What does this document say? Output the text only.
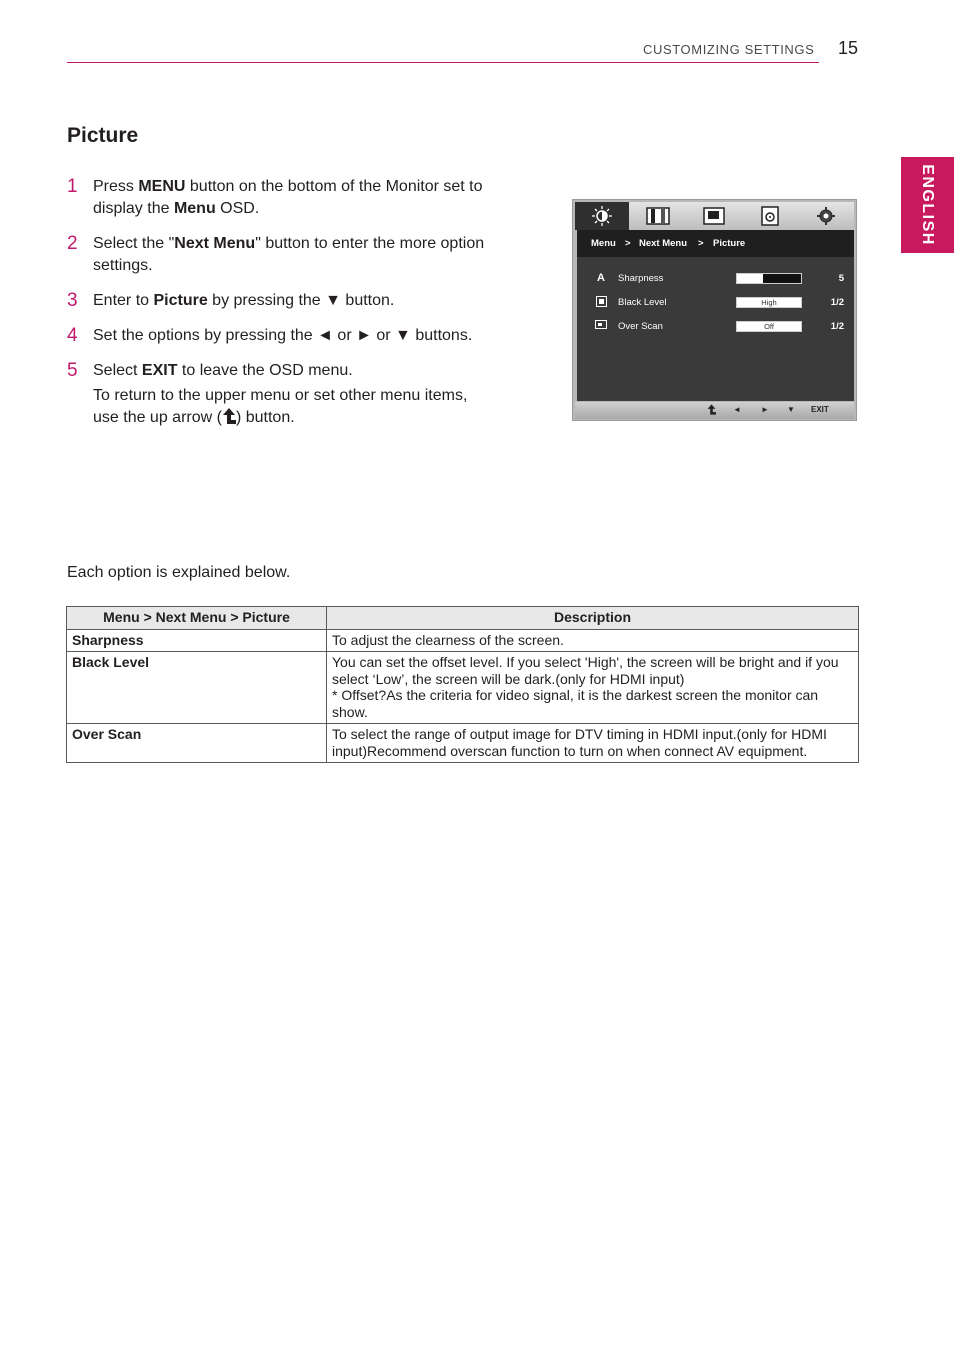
CUSTOMIZING SETTINGS 15
ENGLISH
Picture
1 Press MENU button on the bottom of the Monitor set to display the Menu OSD.
2 Select the "Next Menu" button to enter the more option settings.
3 Enter to Picture by pressing the ▼ button.
4 Set the options by pressing the ◄ or ► or ▼ buttons.
5 Select EXIT to leave the OSD menu.
To return to the upper menu or set other menu items, use the up arrow ( ) button.
Menu > Next Menu > Picture
A Sharpness	5
Black Level	High	1/2
Over Scan	Off	1/2
◄	► ▼ EXIT
Each option is explained below.
Menu > Next Menu > Picture	Description
Sharpness	To adjust the clearness of the screen.

Black Level	You can set the offset level. If you select 'High', the screen will be bright and if you select ‘Low’, the screen will be dark.(only for HDMI input)
* Offset?As the criteria for video signal, it is the darkest screen the monitor can show.

Over Scan	To select the range of output image for DTV timing in HDMI input.(only for HDMI input)Recommend overscan function to turn on when connect AV equipment.
